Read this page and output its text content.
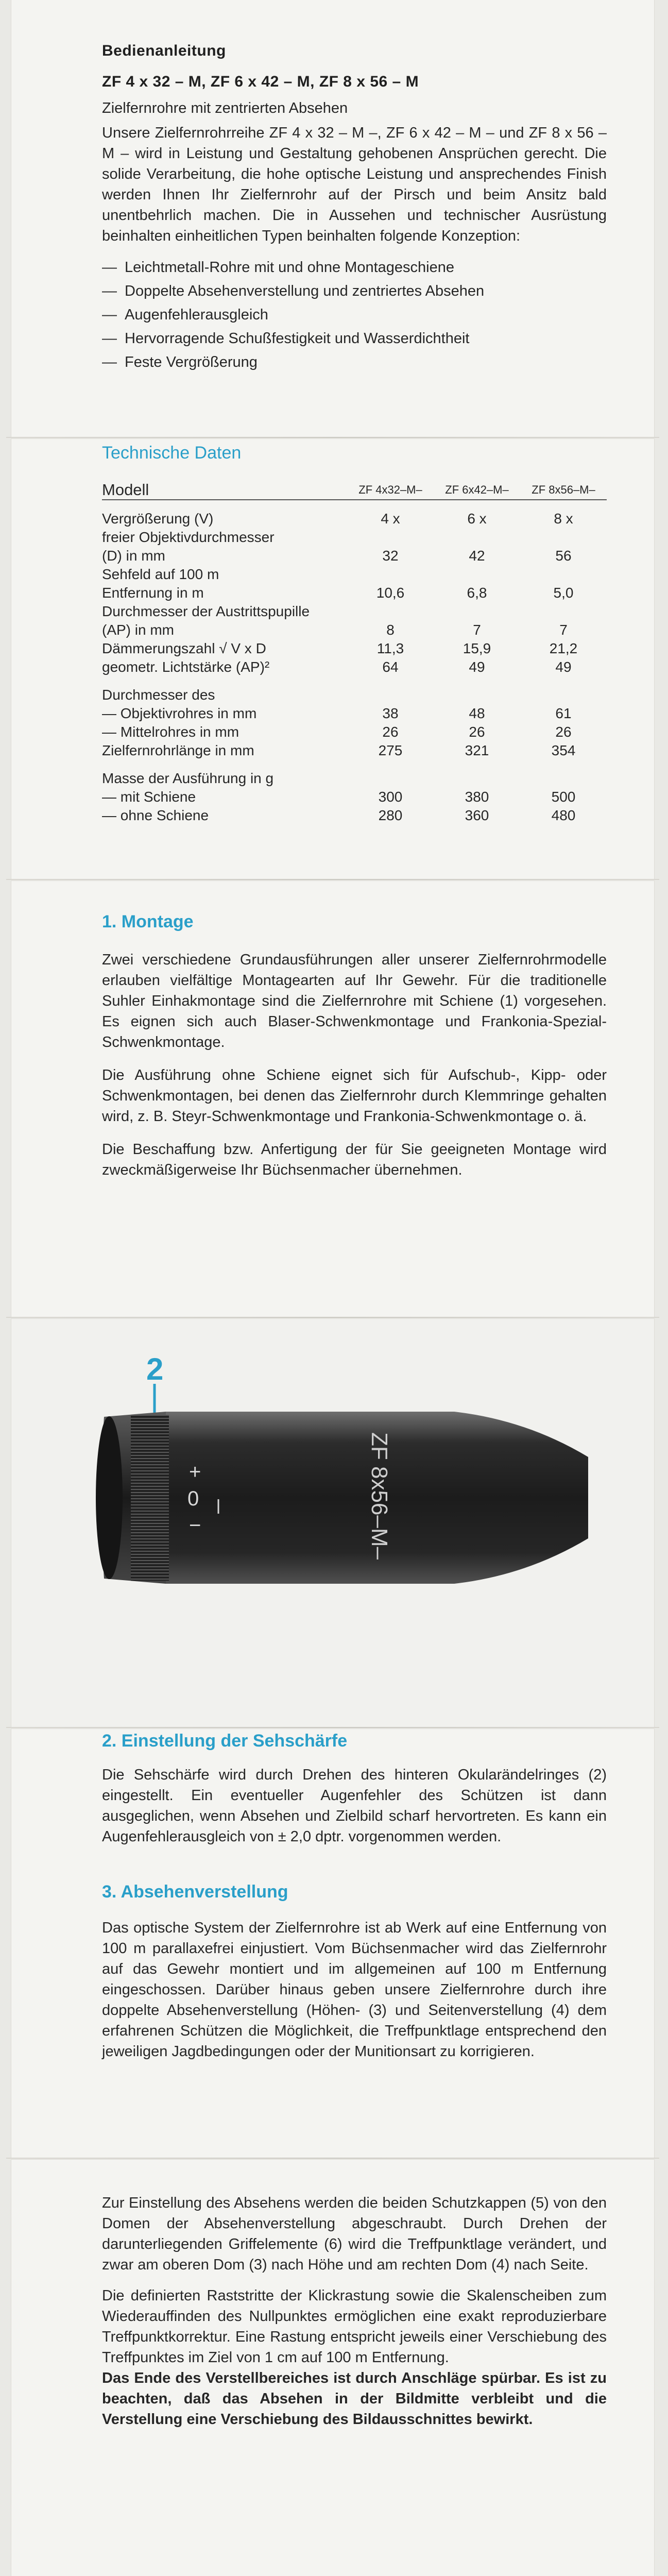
Bedienanleitung
ZF 4 x 32 – M, ZF 6 x 42 – M, ZF 8 x 56 – M

Zielfernrohre mit zentrierten Absehen

Unsere Zielfernrohrreihe ZF 4 x 32 – M –, ZF 6 x 42 – M – und ZF 8 x 56 – M – wird in Leistung und Gestaltung gehobenen Ansprüchen gerecht. Die solide Verarbeitung, die hohe optische Leistung und ansprechendes Finish werden Ihnen Ihr Zielfernrohr auf der Pirsch und beim Ansitz bald unentbehrlich machen. Die in Aussehen und technischer Ausrüstung beinhalten einheitlichen Typen beinhalten folgende Konzeption:

— Leichtmetall-Rohre mit und ohne Montageschiene
— Doppelte Absehenverstellung und zentriertes Absehen
— Augenfehlerausgleich
— Hervorragende Schußfestigkeit und Wasserdichtheit
— Feste Vergrößerung
Technische Daten
Modell	ZF 4x32–M–	ZF 6x42–M–	ZF 8x56–M–

Vergrößerung (V)	4 x	6 x	8 x
freier Objektivdurchmesser			
(D) in mm	32	42	56
Sehfeld auf 100 m			
Entfernung in m	10,6	6,8	5,0
Durchmesser der Austrittspupille			
(AP) in mm	8	7	7
Dämmerungszahl √ V x D	11,3	15,9	21,2
geometr. Lichtstärke (AP)²	64	49	49

Durchmesser des			
— Objektivrohres in mm	38	48	61
— Mittelrohres in mm	26	26	26
Zielfernrohrlänge in mm	275	321	354

Masse der Ausführung in g			
— mit Schiene	300	380	500
— ohne Schiene	280	360	480
1. Montage

Zwei verschiedene Grundausführungen aller unserer Zielfernrohrmodelle erlauben vielfältige Montagearten auf Ihr Gewehr. Für die traditionelle Suhler Einhakmontage sind die Zielfernrohre mit Schiene (1) vorgesehen. Es eignen sich auch Blaser-Schwenkmontage und Frankonia-Spezial-Schwenkmontage.

Die Ausführung ohne Schiene eignet sich für Aufschub-, Kipp- oder Schwenkmontagen, bei denen das Zielfernrohr durch Klemmringe gehalten wird, z. B. Steyr-Schwenkmontage und Frankonia-Schwenkmontage o. ä.

Die Beschaffung bzw. Anfertigung der für Sie geeigneten Montage wird zweckmäßigerweise Ihr Büchsenmacher übernehmen.

2
+
0
−	ZF 8x56–M–
2. Einstellung der Sehschärfe

Die Sehschärfe wird durch Drehen des hinteren Okularändelringes (2) eingestellt. Ein eventueller Augenfehler des Schützen ist dann ausgeglichen, wenn Absehen und Zielbild scharf hervortreten. Es kann ein Augenfehlerausgleich von ± 2,0 dptr. vorgenommen werden.

3. Absehenverstellung

Das optische System der Zielfernrohre ist ab Werk auf eine Entfernung von 100 m parallaxefrei einjustiert. Vom Büchsenmacher wird das Zielfernrohr auf das Gewehr montiert und im allgemeinen auf 100 m Entfernung eingeschossen. Darüber hinaus geben unsere Zielfernrohre durch ihre doppelte Absehenverstellung (Höhen- (3) und Seitenverstellung (4) dem erfahrenen Schützen die Möglichkeit, die Treffpunktlage entsprechend den jeweiligen Jagdbedingungen oder der Munitionsart zu korrigieren.

Zur Einstellung des Absehens werden die beiden Schutzkappen (5) von den Domen der Absehenverstellung abgeschraubt. Durch Drehen der darunterliegenden Griffelemente (6) wird die Treffpunktlage verändert, und zwar am oberen Dom (3) nach Höhe und am rechten Dom (4) nach Seite.

Die definierten Raststritte der Klickrastung sowie die Skalenscheiben zum Wiederauffinden des Nullpunktes ermöglichen eine exakt reproduzierbare Treffpunktkorrektur. Eine Rastung entspricht jeweils einer Verschiebung des Treffpunktes im Ziel von 1 cm auf 100 m Entfernung.

Das Ende des Verstellbereiches ist durch Anschläge spürbar. Es ist zu beachten, daß das Absehen in der Bildmitte verbleibt und die Verstellung eine Verschiebung des Bildausschnittes bewirkt.
